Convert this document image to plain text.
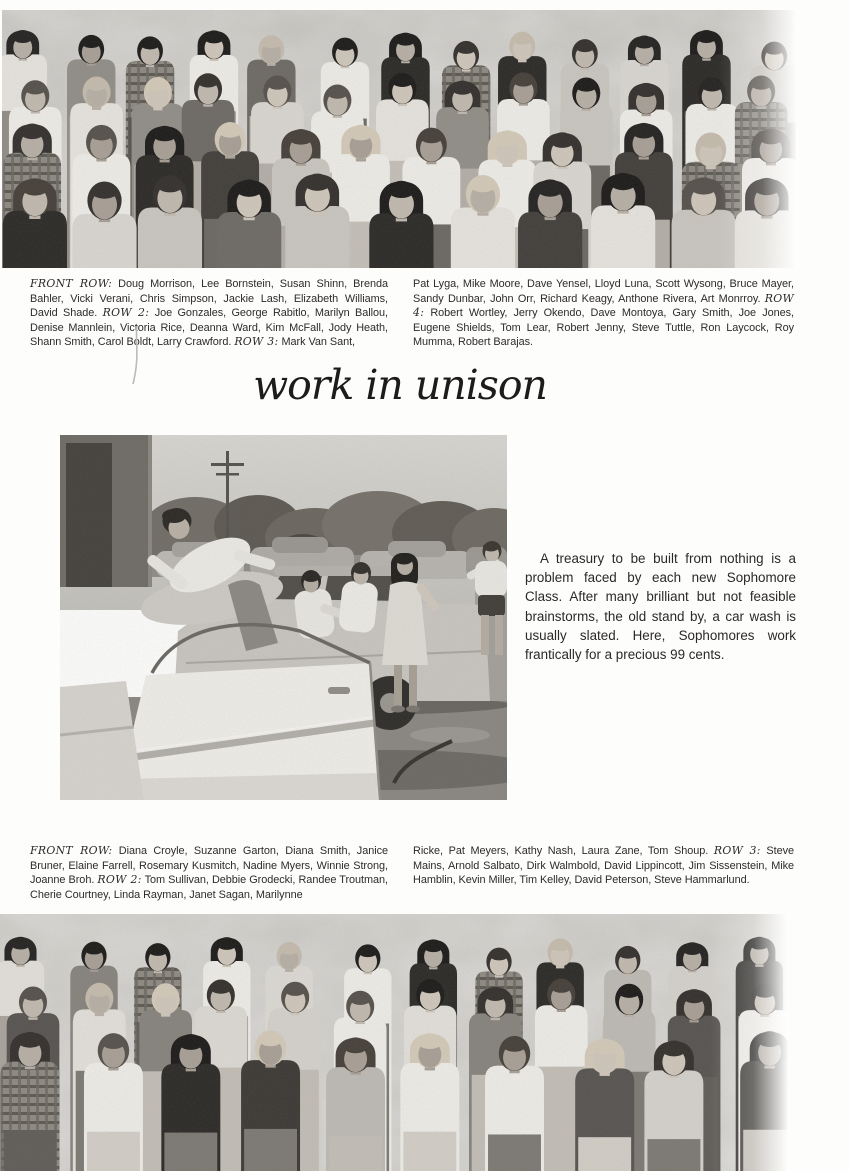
FRONT ROW: Doug Morrison, Lee Bornstein, Susan Shinn, Brenda Bahler, Vicki Verani, Chris Simpson, Jackie Lash, Elizabeth Williams, David Shade. ROW 2: Joe Gonzales, George Rabitlo, Marilyn Ballou, Denise Mannlein, Victoria Rice, Deanna Ward, Kim McFall, Jody Heath, Shann Smith, Carol Boldt, Larry Crawford. ROW 3: Mark Van Sant,

Pat Lyga, Mike Moore, Dave Yensel, Lloyd Luna, Scott Wysong, Bruce Mayer, Sandy Dunbar, John Orr, Richard Keagy, Anthone Rivera, Art Monrroy. ROW 4: Robert Wortley, Jerry Okendo, Dave Montoya, Gary Smith, Joe Jones, Eugene Shields, Tom Lear, Robert Jenny, Steve Tuttle, Ron Laycock, Roy Mumma, Robert Barajas.

work in unison

A treasury to be built from nothing is a problem faced by each new Sophomore Class. After many brilliant but not feasible brainstorms, the old stand by, a car wash is usually slated. Here, Sophomores work frantically for a precious 99 cents.

FRONT ROW: Diana Croyle, Suzanne Garton, Diana Smith, Janice Bruner, Elaine Farrell, Rosemary Kusmitch, Nadine Myers, Winnie Strong, Joanne Broh. ROW 2: Tom Sullivan, Debbie Grodecki, Randee Troutman, Cherie Courtney, Linda Rayman, Janet Sagan, Marilynne

Ricke, Pat Meyers, Kathy Nash, Laura Zane, Tom Shoup. ROW 3: Steve Mains, Arnold Salbato, Dirk Walmbold, David Lippincott, Jim Sissenstein, Mike Hamblin, Kevin Miller, Tim Kelley, David Peterson, Steve Hammarlund.
